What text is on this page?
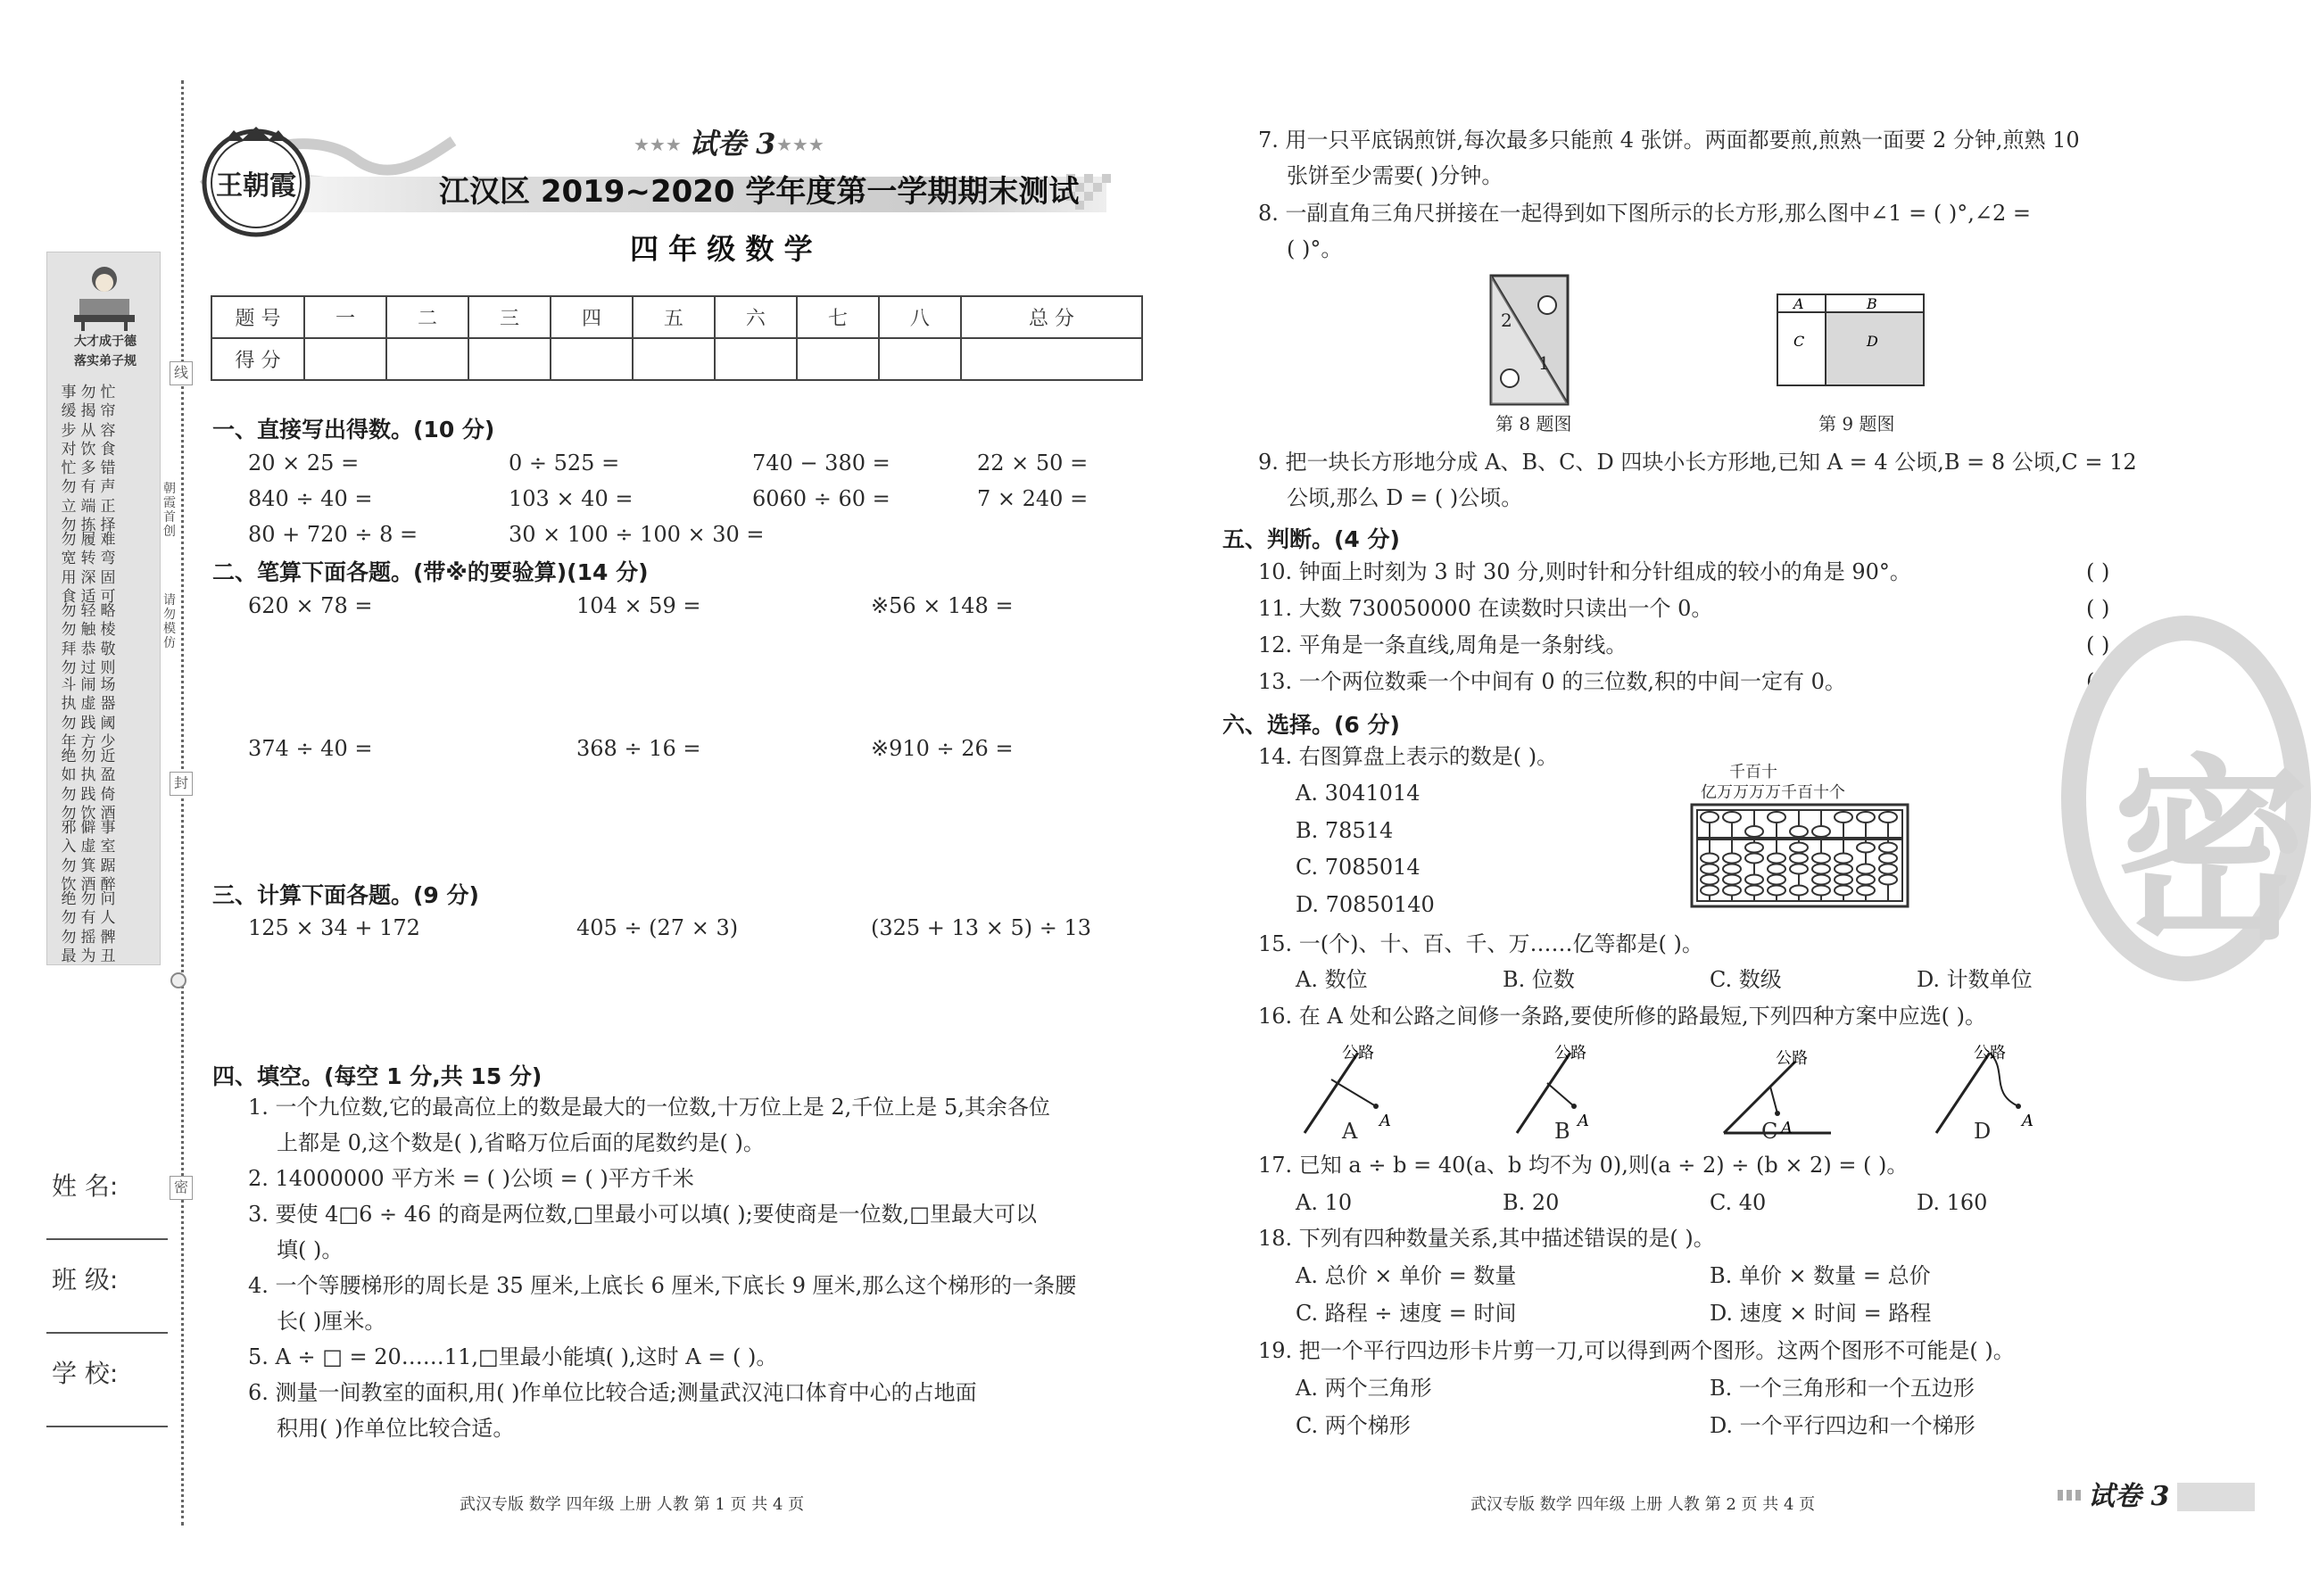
线
封
密
朝霞首创
请勿模仿
大才成于德
落实弟子规
事缓步对
勿揭从饮
忙帘容食
忙勿立勿
多有端拣
错声正择
勿宽用食
履转深适
难弯固可
勿勿拜勿
轻触恭过
略棱敬则
斗执勿年
闹虚践方
场器阈少
绝如勿勿
勿执践饮
近盈倚酒
邪入勿饮
僻虚箕酒
事室踞醉
绝勿勿最
勿有摇为
问人髀丑
姓 名:
班 级:
学 校:
王朝霞
★★★ 试卷 3 ★★★
江汉区 2019~2020 学年度第一学期期末测试
四 年 级 数 学
题 号	一	二	三	四	五	六	七	八	总 分
得 分									
一、直接写出得数。(10 分)
20 × 25 =	0 ÷ 525 =	740 − 380 =	22 × 50 =
840 ÷ 40 =	103 × 40 =	6060 ÷ 60 =	7 × 240 =
80 + 720 ÷ 8 =	30 × 100 ÷ 100 × 30 =
二、笔算下面各题。(带※的要验算)(14 分)
620 × 78 =	104 × 59 =	※56 × 148 =
374 ÷ 40 =	368 ÷ 16 =	※910 ÷ 26 =
三、计算下面各题。(9 分)
125 × 34 + 172	405 ÷ (27 × 3)	(325 + 13 × 5) ÷ 13
四、填空。(每空 1 分,共 15 分)
1. 一个九位数,它的最高位上的数是最大的一位数,十万位上是 2,千位上是 5,其余各位
上都是 0,这个数是( ),省略万位后面的尾数约是( )。
2. 14000000 平方米 = ( )公顷 = ( )平方千米
3. 要使 4□6 ÷ 46 的商是两位数,□里最小可以填( );要使商是一位数,□里最大可以
填( )。
4. 一个等腰梯形的周长是 35 厘米,上底长 6 厘米,下底长 9 厘米,那么这个梯形的一条腰
长( )厘米。
5. A ÷ □ = 20……11,□里最小能填( ),这时 A = ( )。
6. 测量一间教室的面积,用( )作单位比较合适;测量武汉沌口体育中心的占地面
积用( )作单位比较合适。
7. 用一只平底锅煎饼,每次最多只能煎 4 张饼。两面都要煎,煎熟一面要 2 分钟,煎熟 10
张饼至少需要( )分钟。
8. 一副直角三角尺拼接在一起得到如下图所示的长方形,那么图中∠1 = ( )°,∠2 =
( )°。
9. 把一块长方形地分成 A、B、C、D 四块小长方形地,已知 A = 4 公顷,B = 8 公顷,C = 12
公顷,那么 D = ( )公顷。
五、判断。(4 分)
10. 钟面上时刻为 3 时 30 分,则时针和分针组成的较小的角是 90°。	( )
11. 大数 730050000 在读数时只读出一个 0。	( )
12. 平角是一条直线,周角是一条射线。	( )
13. 一个两位数乘一个中间有 0 的三位数,积的中间一定有 0。	( )
六、选择。(6 分)
14. 右图算盘上表示的数是( )。
A. 3041014
B. 78514
C. 7085014
D. 70850140
15. 一(个)、十、百、千、万……亿等都是( )。
A. 数位	B. 位数	C. 数级	D. 计数单位
16. 在 A 处和公路之间修一条路,要使所修的路最短,下列四种方案中应选( )。
17. 已知 a ÷ b = 40(a、b 均不为 0),则(a ÷ 2) ÷ (b × 2) = ( )。
A. 10	B. 20	C. 40	D. 160
18. 下列有四种数量关系,其中描述错误的是( )。
A. 总价 × 单价 = 数量	B. 单价 × 数量 = 总价
C. 路程 ÷ 速度 = 时间	D. 速度 × 时间 = 路程
19. 把一个平行四边形卡片剪一刀,可以得到两个图形。这两个图形不可能是( )。
A. 两个三角形	B. 一个三角形和一个五边形
C. 两个梯形	D. 一个平行四边和一个梯形
2
1
第 8 题图
A	B
C	D
第 9 题图
千百十
亿万万万万千百十个
公路
A
A
公路
A
B
公路
A
C
公路
A
D
密
武汉专版 数学 四年级 上册 人教 第 1 页 共 4 页	武汉专版 数学 四年级 上册 人教 第 2 页 共 4 页	试卷 3
